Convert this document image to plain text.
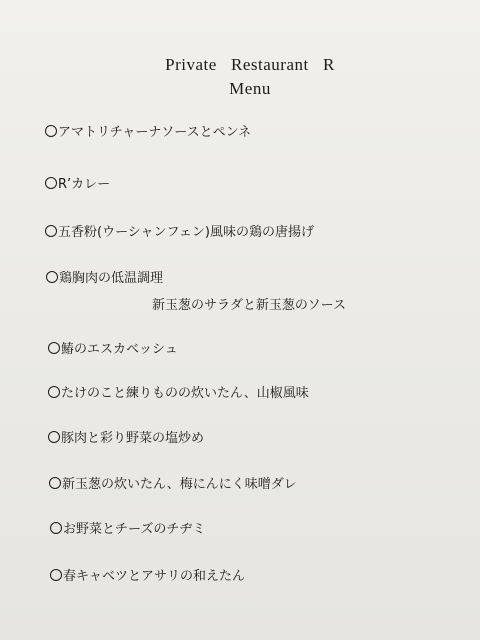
Private   Restaurant   R
Menu
アマトリチャーナソースとペンネ
R’カレー
五香粉(ウーシャンフェン)風味の鶏の唐揚げ
鶏胸肉の低温調理
新玉葱のサラダと新玉葱のソース
鰆のエスカベッシュ
たけのこと練りものの炊いたん、山椒風味
豚肉と彩り野菜の塩炒め
新玉葱の炊いたん、梅にんにく味噌ダレ
お野菜とチーズのチヂミ
春キャベツとアサリの和えたん
